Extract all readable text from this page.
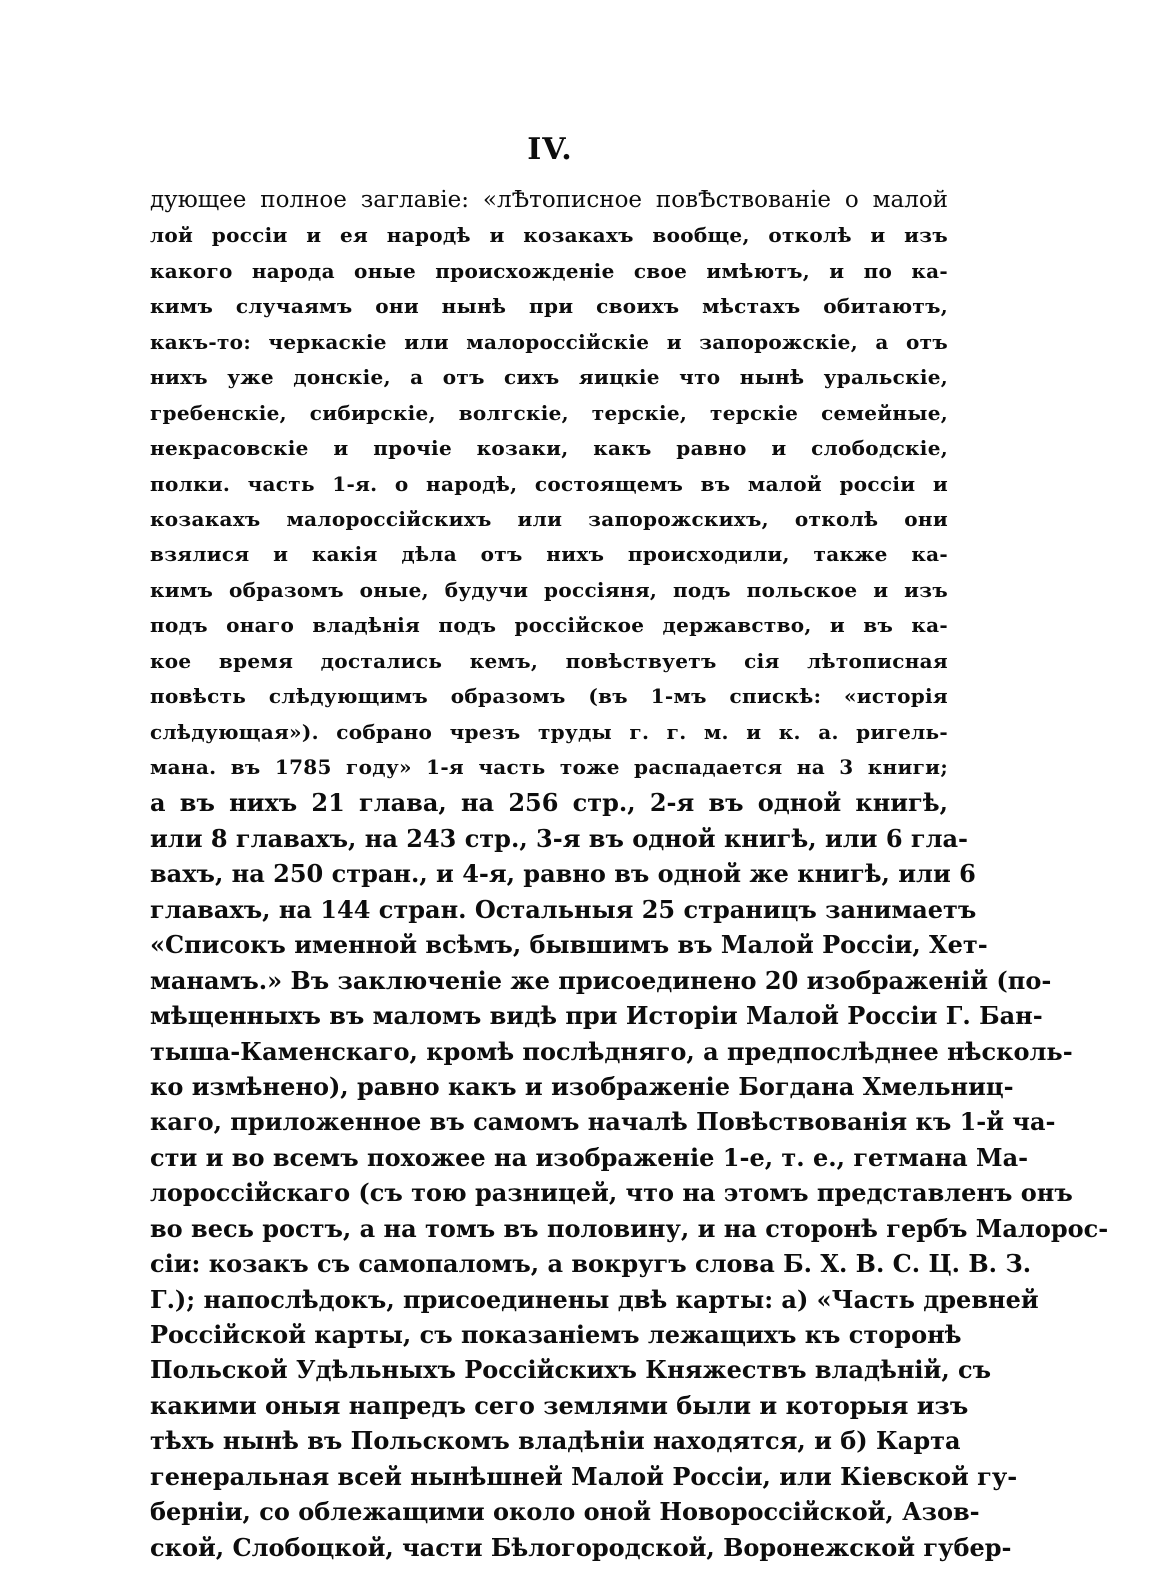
IV.
дующее полное заглавіе: «лѢтописное повѢствованіе о малой
лой россіи и ея народѣ и козакахъ вообще, отколѣ и изъ
какого народа оные происхожденіе свое имѣютъ, и по ка-
кимъ случаямъ они нынѣ при своихъ мѣстахъ обитаютъ,
какъ-то: черкаскіе или малороссійскіе и запорожскіе, а отъ
нихъ уже донскіе, а отъ сихъ яицкіе что нынѣ уральскіе,
гребенскіе, сибирскіе, волгскіе, терскіе, терскіе семейные,
некрасовскіе и прочіе козаки, какъ равно и слободскіе,
полки. часть 1-я. о народѣ, состоящемъ въ малой россіи и
козакахъ малороссійскихъ или запорожскихъ, отколѣ они
взялися и какія дѣла отъ нихъ происходили, также ка-
кимъ образомъ оные, будучи россіяня, подъ польское и изъ
подъ онаго владѣнія подъ россійское державство, и въ ка-
кое время достались кемъ, повѣствуетъ сія лѣтописная
повѣсть слѣдующимъ образомъ (въ 1-мъ спискѣ: «исторія
слѣдующая»). собрано чрезъ труды г. г. м. и к. а. ригель-
мана. въ 1785 году» 1-я часть тоже распадается на 3 книги;
а въ нихъ 21 глава, на 256 стр., 2-я въ одной книгѣ,
или 8 главахъ, на 243 стр., 3-я въ одной книгѣ, или 6 гла-
вахъ, на 250 стран., и 4-я, равно въ одной же книгѣ, или 6
главахъ, на 144 стран. Остальныя 25 страницъ занимаетъ
«Списокъ именной всѣмъ, бывшимъ въ Малой Россіи, Хет-
манамъ.» Въ заключеніе же присоединено 20 изображеній (по-
мѣщенныхъ въ маломъ видѣ при Исторіи Малой Россіи Г. Бан-
тыша-Каменскаго, кромѣ послѣдняго, а предпослѣднее нѣсколь-
ко измѣнено), равно какъ и изображеніе Богдана Хмельниц-
каго, приложенное въ самомъ началѣ Повѣствованія къ 1-й ча-
сти и во всемъ похожее на изображеніе 1-е, т. е., гетмана Ма-
лороссійскаго (съ тою разницей, что на этомъ представленъ онъ
во весь ростъ, а на томъ въ половину, и на сторонѣ гербъ Малорос-
сіи: козакъ съ самопаломъ, а вокругъ слова Б. Х. В. С. Ц. В. З.
Г.); напослѣдокъ, присоединены двѣ карты: а) «Часть древней
Россійской карты, съ показаніемъ лежащихъ къ сторонѣ
Польской Удѣльныхъ Россійскихъ Княжествъ владѣній, съ
какими оныя напредъ сего землями были и которыя изъ
тѣхъ нынѣ въ Польскомъ владѣніи находятся, и б) Карта
генеральная всей нынѣшней Малой Россіи, или Кіевской гу-
берніи, со облежащими около оной Новороссійской, Азов-
ской, Слобоцкой, части Бѣлогородской, Воронежской губер-
